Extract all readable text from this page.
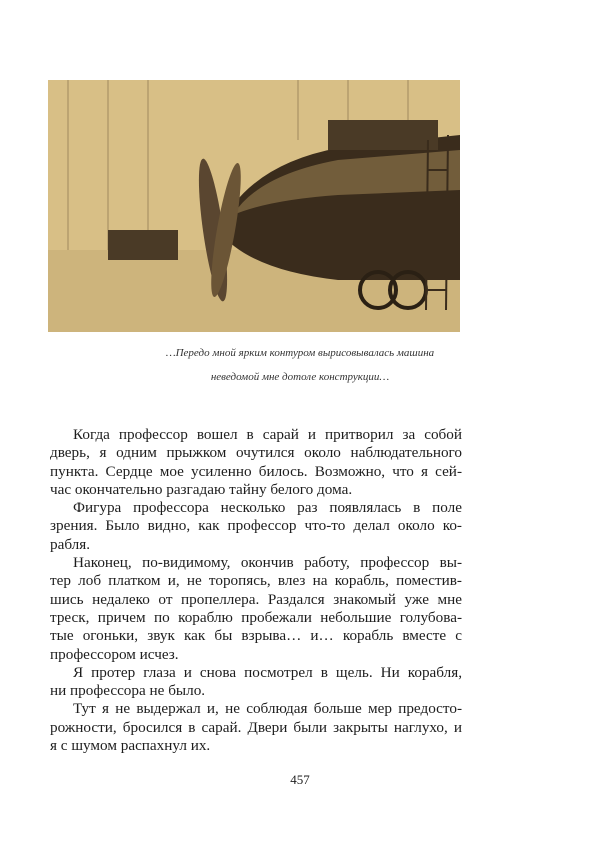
…Передо мной ярким контуром вырисовывалась машина
неведомой мне дотоле конструкции…
Когда профессор вошел в сарай и притворил за собой
дверь, я одним прыжком очутился около наблюдательного
пункта. Сердце мое усиленно билось. Возможно, что я сей-
час окончательно разгадаю тайну белого дома.
Фигура профессора несколько раз появлялась в поле
зрения. Было видно, как профессор что-то делал около ко-
рабля.
Наконец, по-видимому, окончив работу, профессор вы-
тер лоб платком и, не торопясь, влез на корабль, поместив-
шись недалеко от пропеллера. Раздался знакомый уже мне
треск, причем по кораблю пробежали небольшие голубова-
тые огоньки, звук как бы взрыва… и… корабль вместе с
профессором исчез.
Я протер глаза и снова посмотрел в щель. Ни корабля,
ни профессора не было.
Тут я не выдержал и, не соблюдая больше мер предосто-
рожности, бросился в сарай. Двери были закрыты наглухо, и
я с шумом распахнул их.
457
